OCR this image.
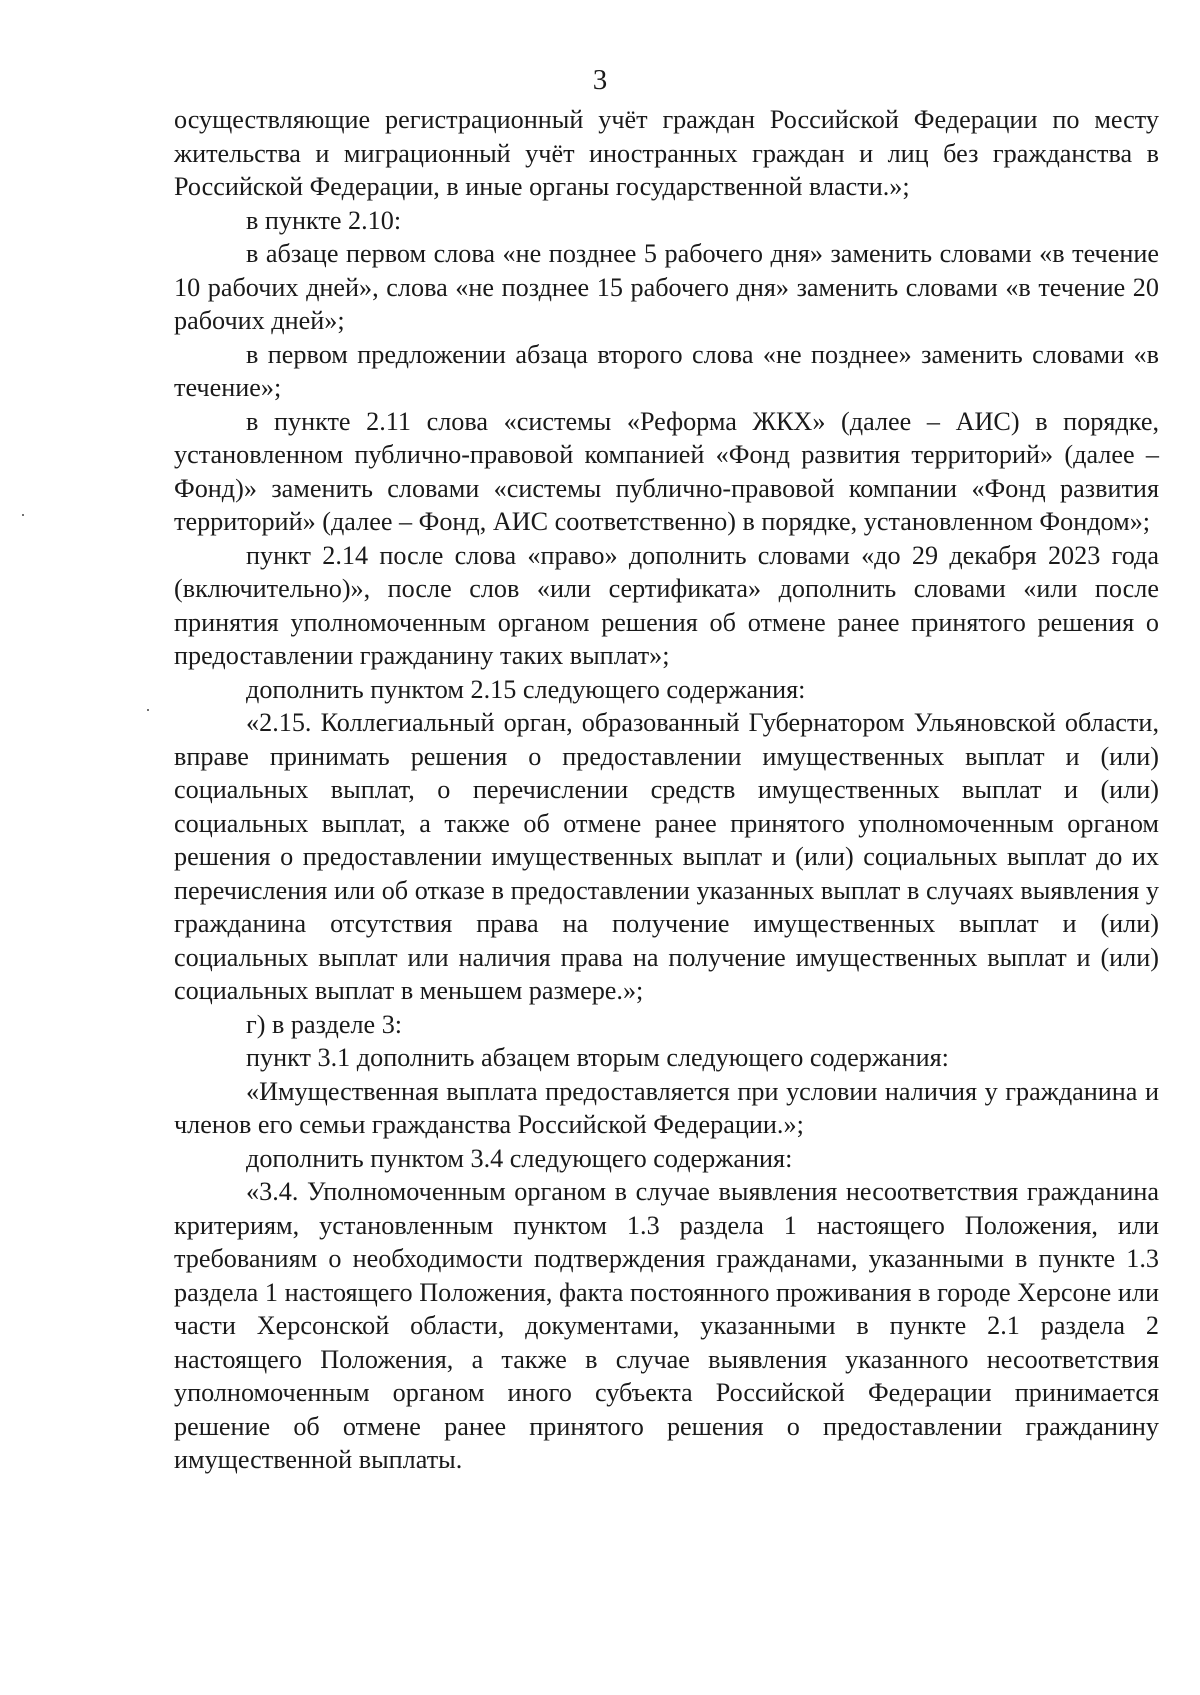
3

осуществляющие регистрационный учёт граждан Российской Федерации по месту жительства и миграционный учёт иностранных граждан и лиц без гражданства в Российской Федерации, в иные органы государственной власти.»;

в пункте 2.10:

в абзаце первом слова «не позднее 5 рабочего дня» заменить словами «в течение 10 рабочих дней», слова «не позднее 15 рабочего дня» заменить словами «в течение 20 рабочих дней»;

в первом предложении абзаца второго слова «не позднее» заменить словами «в течение»;

в пункте 2.11 слова «системы «Реформа ЖКХ» (далее – АИС) в порядке, установленном публично-правовой компанией «Фонд развития территорий» (далее – Фонд)» заменить словами «системы публично-правовой компании «Фонд развития территорий» (далее – Фонд, АИС соответственно) в порядке, установленном Фондом»;

пункт 2.14 после слова «право» дополнить словами «до 29 декабря 2023 года (включительно)», после слов «или сертификата» дополнить словами «или после принятия уполномоченным органом решения об отмене ранее принятого решения о предоставлении гражданину таких выплат»;

дополнить пунктом 2.15 следующего содержания:

«2.15. Коллегиальный орган, образованный Губернатором Ульяновской области, вправе принимать решения о предоставлении имущественных выплат и (или) социальных выплат, о перечислении средств имущественных выплат и (или) социальных выплат, а также об отмене ранее принятого уполномоченным органом решения о предоставлении имущественных выплат и (или) социальных выплат до их перечисления или об отказе в предоставлении указанных выплат в случаях выявления у гражданина отсутствия права на получение имущественных выплат и (или) социальных выплат или наличия права на получение имущественных выплат и (или) социальных выплат в меньшем размере.»;

г) в разделе 3:

пункт 3.1 дополнить абзацем вторым следующего содержания:

«Имущественная выплата предоставляется при условии наличия у гражданина и членов его семьи гражданства Российской Федерации.»;

дополнить пунктом 3.4 следующего содержания:

«3.4. Уполномоченным органом в случае выявления несоответствия гражданина критериям, установленным пунктом 1.3 раздела 1 настоящего Положения, или требованиям о необходимости подтверждения гражданами, указанными в пункте 1.3 раздела 1 настоящего Положения, факта постоянного проживания в городе Херсоне или части Херсонской области, документами, указанными в пункте 2.1 раздела 2 настоящего Положения, а также в случае выявления указанного несоответствия уполномоченным органом иного субъекта Российской Федерации принимается решение об отмене ранее принятого решения о предоставлении гражданину имущественной выплаты.
